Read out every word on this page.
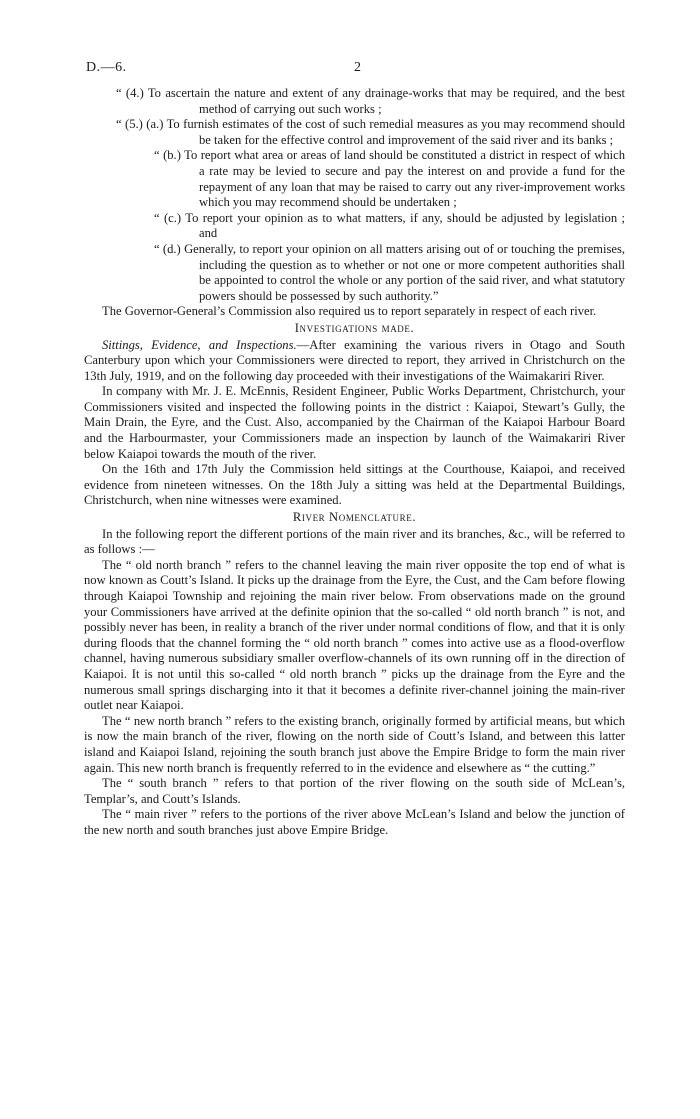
D.—6.	2

“ (4.) To ascertain the nature and extent of any drainage-works that may be required, and the best method of carrying out such works ;

“ (5.) (a.) To furnish estimates of the cost of such remedial measures as you may recommend should be taken for the effective control and improvement of the said river and its banks ;

“ (b.) To report what area or areas of land should be constituted a district in respect of which a rate may be levied to secure and pay the interest on and provide a fund for the repayment of any loan that may be raised to carry out any river-improvement works which you may recommend should be undertaken ;

“ (c.) To report your opinion as to what matters, if any, should be adjusted by legislation ; and

“ (d.) Generally, to report your opinion on all matters arising out of or touching the premises, including the question as to whether or not one or more competent authorities shall be appointed to control the whole or any portion of the said river, and what statutory powers should be possessed by such authority.”

The Governor-General’s Commission also required us to report separately in respect of each river.

Investigations made.

Sittings, Evidence, and Inspections.—After examining the various rivers in Otago and South Canterbury upon which your Commissioners were directed to report, they arrived in Christchurch on the 13th July, 1919, and on the following day proceeded with their investigations of the Waimakariri River.

In company with Mr. J. E. McEnnis, Resident Engineer, Public Works Department, Christchurch, your Commissioners visited and inspected the following points in the district : Kaiapoi, Stewart’s Gully, the Main Drain, the Eyre, and the Cust. Also, accompanied by the Chairman of the Kaiapoi Harbour Board and the Harbourmaster, your Commissioners made an inspection by launch of the Waimakariri River below Kaiapoi towards the mouth of the river.

On the 16th and 17th July the Commission held sittings at the Courthouse, Kaiapoi, and received evidence from nineteen witnesses. On the 18th July a sitting was held at the Departmental Buildings, Christchurch, when nine witnesses were examined.

River Nomenclature.

In the following report the different portions of the main river and its branches, &c., will be referred to as follows :—

The “ old north branch ” refers to the channel leaving the main river opposite the top end of what is now known as Coutt’s Island. It picks up the drainage from the Eyre, the Cust, and the Cam before flowing through Kaiapoi Township and rejoining the main river below. From observations made on the ground your Commissioners have arrived at the definite opinion that the so-called “ old north branch ” is not, and possibly never has been, in reality a branch of the river under normal conditions of flow, and that it is only during floods that the channel forming the “ old north branch ” comes into active use as a flood-overflow channel, having numerous subsidiary smaller overflow-channels of its own running off in the direction of Kaiapoi. It is not until this so-called “ old north branch ” picks up the drainage from the Eyre and the numerous small springs discharging into it that it becomes a definite river-channel joining the main-river outlet near Kaiapoi.

The “ new north branch ” refers to the existing branch, originally formed by artificial means, but which is now the main branch of the river, flowing on the north side of Coutt’s Island, and between this latter island and Kaiapoi Island, rejoining the south branch just above the Empire Bridge to form the main river again. This new north branch is frequently referred to in the evidence and elsewhere as “ the cutting.”

The “ south branch ” refers to that portion of the river flowing on the south side of McLean’s, Templar’s, and Coutt’s Islands.

The “ main river ” refers to the portions of the river above McLean’s Island and below the junction of the new north and south branches just above Empire Bridge.
